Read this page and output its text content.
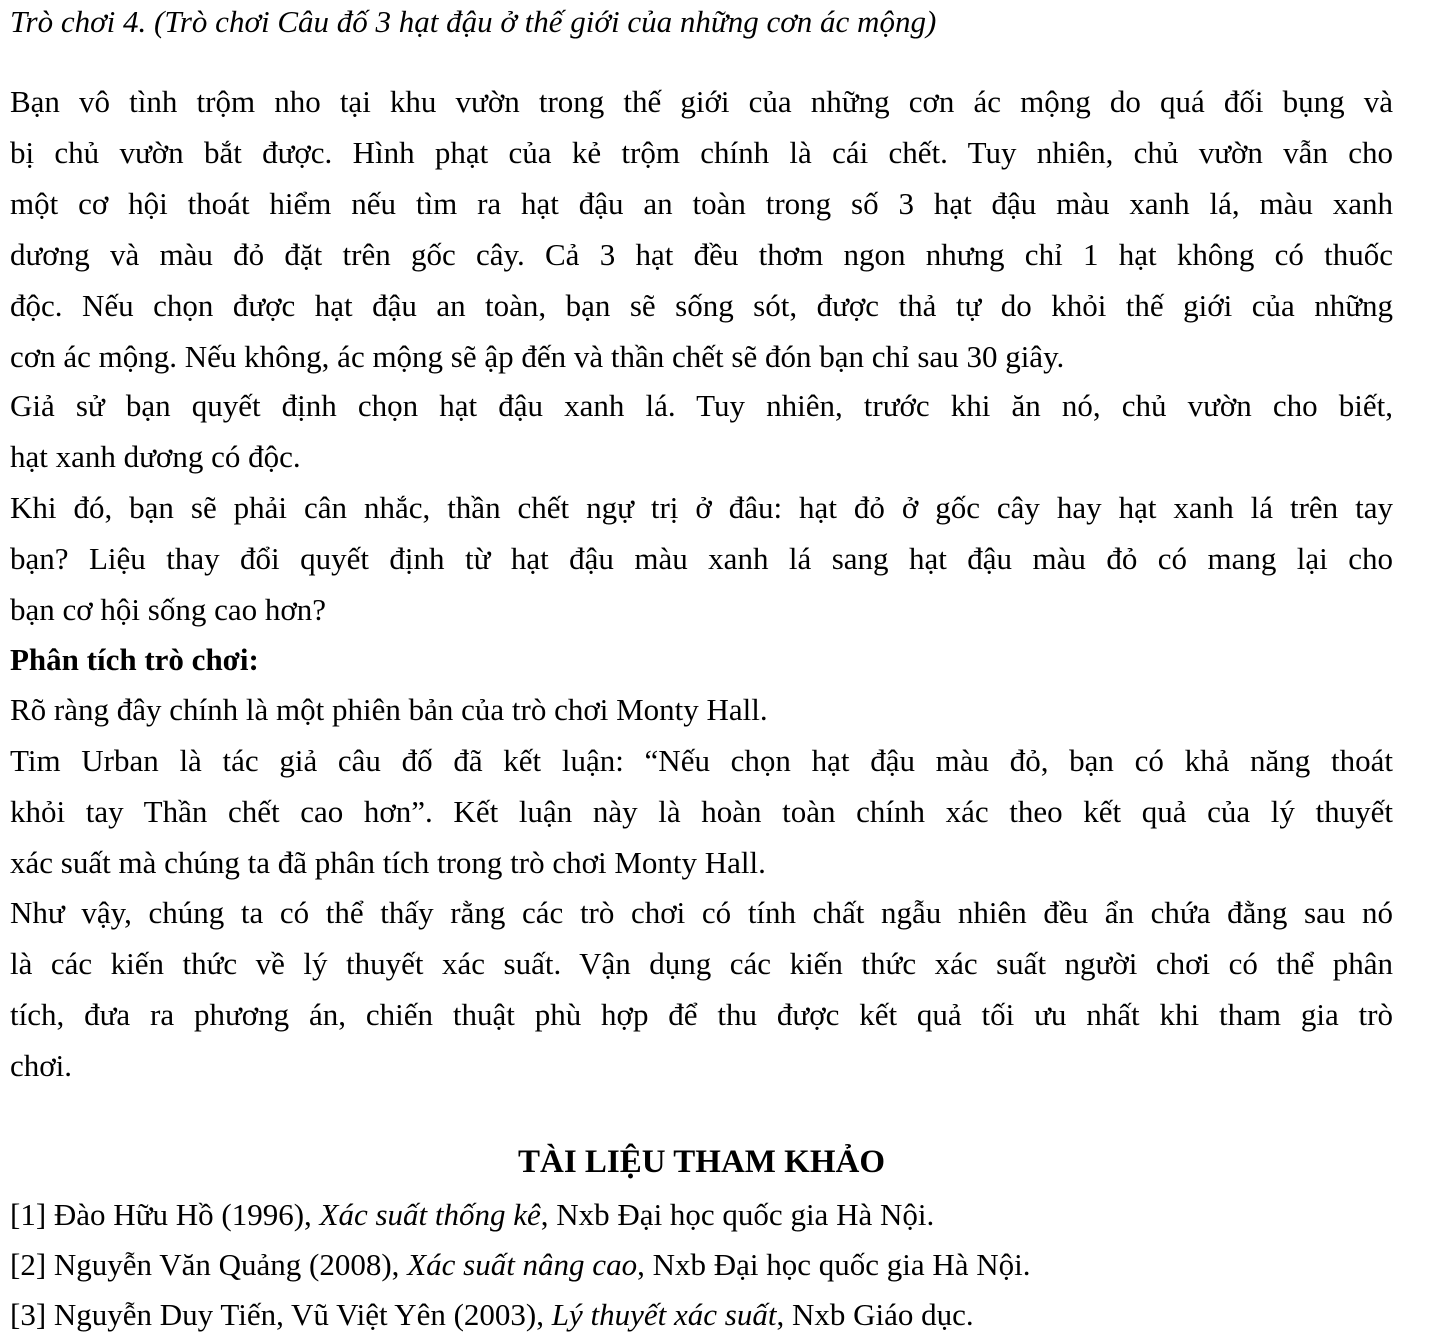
Trò chơi 4. (Trò chơi Câu đố 3 hạt đậu ở thế giới của những cơn ác mộng)
Bạn vô tình trộm nho tại khu vườn trong thế giới của những cơn ác mộng do quá đối bụng và
bị chủ vườn bắt được. Hình phạt của kẻ trộm chính là cái chết. Tuy nhiên, chủ vườn vẫn cho
một cơ hội thoát hiểm nếu tìm ra hạt đậu an toàn trong số 3 hạt đậu màu xanh lá, màu xanh
dương và màu đỏ đặt trên gốc cây. Cả 3 hạt đều thơm ngon nhưng chỉ 1 hạt không có thuốc
độc. Nếu chọn được hạt đậu an toàn, bạn sẽ sống sót, được thả tự do khỏi thế giới của những
cơn ác mộng. Nếu không, ác mộng sẽ ập đến và thần chết sẽ đón bạn chỉ sau 30 giây.
Giả sử bạn quyết định chọn hạt đậu xanh lá. Tuy nhiên, trước khi ăn nó, chủ vườn cho biết,
hạt xanh dương có độc.
Khi đó, bạn sẽ phải cân nhắc, thần chết ngự trị ở đâu: hạt đỏ ở gốc cây hay hạt xanh lá trên tay
bạn? Liệu thay đổi quyết định từ hạt đậu màu xanh lá sang hạt đậu màu đỏ có mang lại cho
bạn cơ hội sống cao hơn?
Phân tích trò chơi:
Rõ ràng đây chính là một phiên bản của trò chơi Monty Hall.
Tim Urban là tác giả câu đố đã kết luận: “Nếu chọn hạt đậu màu đỏ, bạn có khả năng thoát
khỏi tay Thần chết cao hơn”. Kết luận này là hoàn toàn chính xác theo kết quả của lý thuyết
xác suất mà chúng ta đã phân tích trong trò chơi Monty Hall.
Như vậy, chúng ta có thể thấy rằng các trò chơi có tính chất ngẫu nhiên đều ẩn chứa đằng sau nó
là các kiến thức về lý thuyết xác suất. Vận dụng các kiến thức xác suất người chơi có thể phân
tích, đưa ra phương án, chiến thuật phù hợp để thu được kết quả tối ưu nhất khi tham gia trò
chơi.
TÀI LIỆU THAM KHẢO
[1] Đào Hữu Hồ (1996), Xác suất thống kê, Nxb Đại học quốc gia Hà Nội.
[2] Nguyễn Văn Quảng (2008), Xác suất nâng cao, Nxb Đại học quốc gia Hà Nội.
[3] Nguyễn Duy Tiến, Vũ Việt Yên (2003), Lý thuyết xác suất, Nxb Giáo dục.
